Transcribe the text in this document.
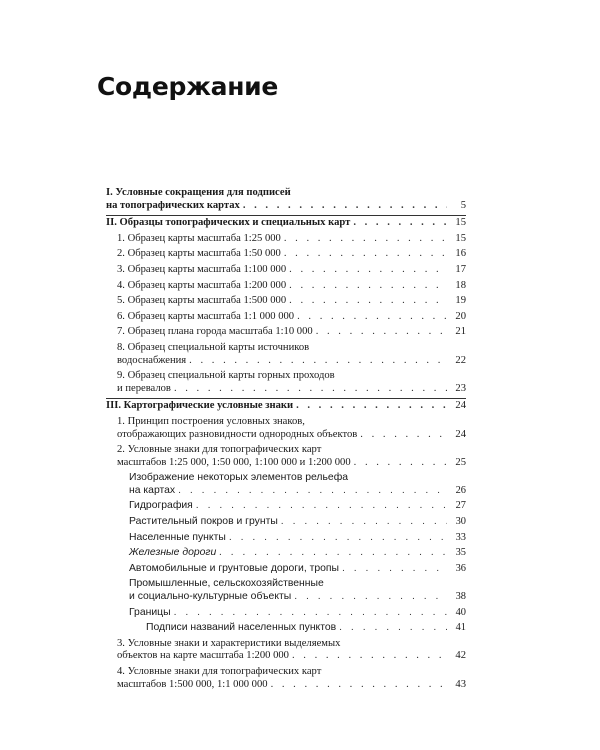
Содержание
I. Условные сокращения для подписей
на топографических картах . . .	5
II. Образцы топографических и специальных карт . . .	15
1. Образец карты масштаба 1:25 000 . . .	15
2. Образец карты масштаба 1:50 000 . . .	16
3. Образец карты масштаба 1:100 000 . . .	17
4. Образец карты масштаба 1:200 000 . . .	18
5. Образец карты масштаба 1:500 000 . . .	19
6. Образец карты масштаба 1:1 000 000 . . .	20
7. Образец плана города масштаба 1:10 000 . . .	21
8. Образец специальной карты источников
водоснабжения . . .	22
9. Образец специальной карты горных проходов
и перевалов . . .	23
III. Картографические условные знаки . . .	24
1. Принцип построения условных знаков,
отображающих разновидности однородных объектов . . .	24
2. Условные знаки для топографических карт
масштабов 1:25 000, 1:50 000, 1:100 000 и 1:200 000 . . .	25
Изображение некоторых элементов рельефа
на картах . . .	26
Гидрография . . .	27
Растительный покров и грунты . . .	30
Населенные пункты . . .	33
Железные дороги . . .	35
Автомобильные и грунтовые дороги, тропы . . .	36
Промышленные, сельскохозяйственные
и социально-культурные объекты . . .	38
Границы . . .	40
Подписи названий населенных пунктов . . .	41
3. Условные знаки и характеристики выделяемых
объектов на карте масштаба 1:200 000 . . .	42
4. Условные знаки для топографических карт
масштабов 1:500 000, 1:1 000 000 . . .	43
